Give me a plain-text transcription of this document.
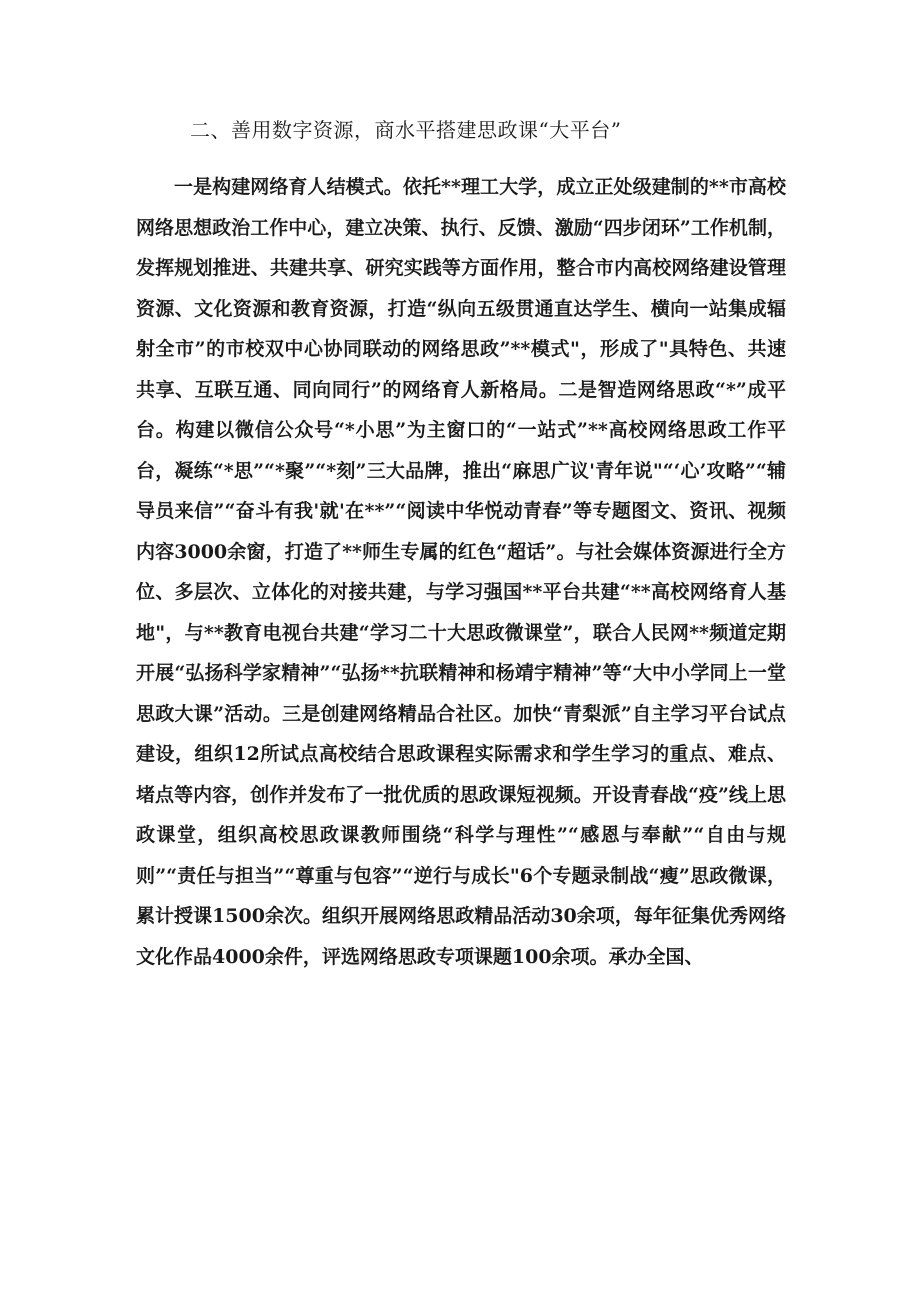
二、善用数字资源，商水平搭建思政课“大平台”

一是构建网络育人结模式。依托**理工大学，成立正处级建制的**市高校网络思想政治工作中心，建立决策、执行、反馈、激励“四步闭环”工作机制，发挥规划推进、共建共享、研究实践等方面作用，整合市内高校网络建设管理资源、文化资源和教育资源，打造“纵向五级贯通直达学生、横向一站集成辐射全市”的市校双中心协同联动的网络思政”**模式"，形成了"具特色、共速共享、互联互通、同向同行”的网络育人新格局。二是智造网络思政“*”成平台。构建以微信公众号“*小思”为主窗口的“一站式”**高校网络思政工作平台，凝练“*思”“*聚”“*刻”三大品牌，推出“麻思广议'青年说"“‘心’攻略”“辅导员来信”“奋斗有我'就'在**”“阅读中华悦动青春”等专题图文、资讯、视频内容3000余窗，打造了**师生专属的红色“超话”。与社会媒体资源进行全方位、多层次、立体化的对接共建，与学习强国**平台共建“**高校网络育人基地"，与**教育电视台共建“学习二十大思政微课堂”，联合人民网**频道定期开展“弘扬科学家精神”“弘扬**抗联精神和杨靖宇精神”等“大中小学同上一堂思政大课”活动。三是创建网络精品合社区。加快“青梨派”自主学习平台试点建设，组织12所试点高校结合思政课程实际需求和学生学习的重点、难点、堵点等内容，创作并发布了一批优质的思政课短视频。开设青春战“疫”线上思政课堂，组织高校思政课教师围绕“科学与理性”“感恩与奉献”“自由与规则”“责任与担当”“尊重与包容”“逆行与成长"6个专题录制战“瘦”思政微课，累计授课1500余次。组织开展网络思政精品活动30余项，每年征集优秀网络文化作品4000余件，评选网络思政专项课题100余项。承办全国、
